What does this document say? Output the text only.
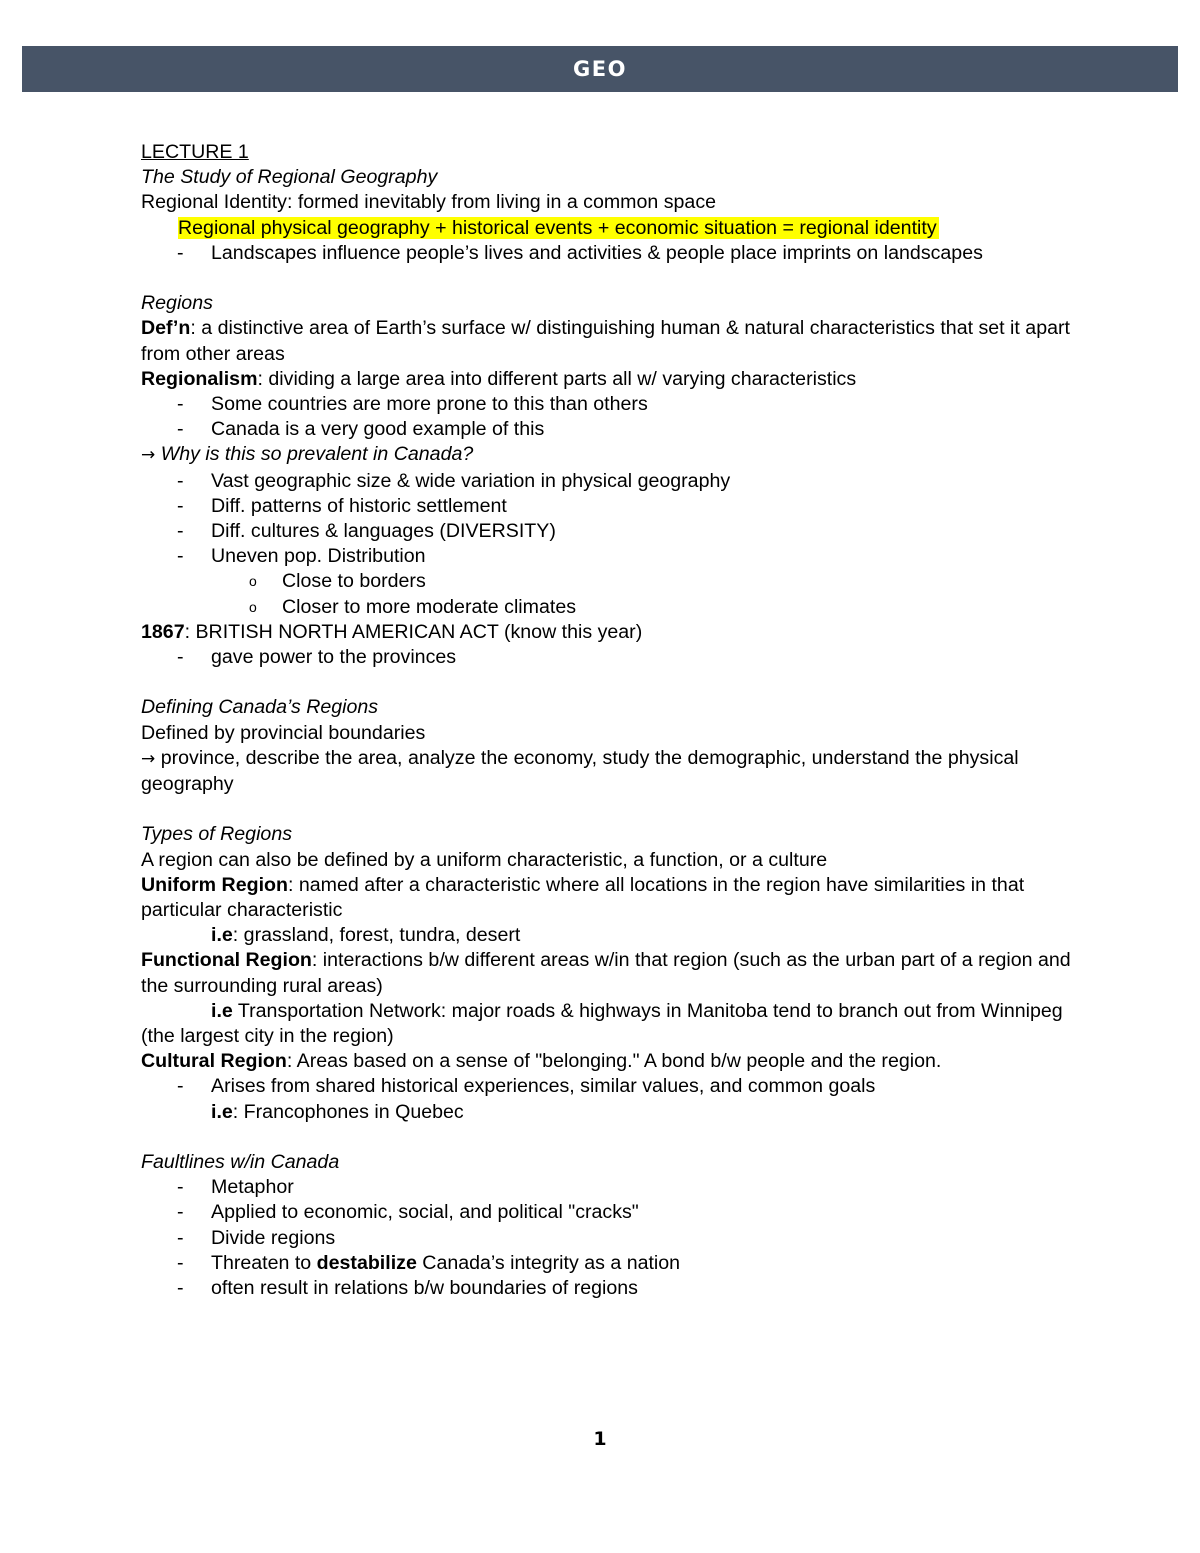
GEO
LECTURE 1
The Study of Regional Geography
Regional Identity: formed inevitably from living in a common space
Regional physical geography + historical events + economic situation = regional identity
-	Landscapes influence people’s lives and activities & people place imprints on landscapes
Regions
Def’n: a distinctive area of Earth’s surface w/ distinguishing human & natural characteristics that set it apart from other areas
Regionalism: dividing a large area into different parts all w/ varying characteristics
-	Some countries are more prone to this than others
-	Canada is a very good example of this
→ Why is this so prevalent in Canada?
-	Vast geographic size & wide variation in physical geography
-	Diff. patterns of historic settlement
-	Diff. cultures & languages (DIVERSITY)
-	Uneven pop. Distribution
o	Close to borders
o	Closer to more moderate climates
1867: BRITISH NORTH AMERICAN ACT (know this year)
-	gave power to the provinces
Defining Canada’s Regions
Defined by provincial boundaries
→ province, describe the area, analyze the economy, study the demographic, understand the physical geography
Types of Regions
A region can also be defined by a uniform characteristic, a function, or a culture
Uniform Region: named after a characteristic where all locations in the region have similarities in that particular characteristic
i.e: grassland, forest, tundra, desert
Functional Region: interactions b/w different areas w/in that region (such as the urban part of a region and the surrounding rural areas)
i.e Transportation Network: major roads & highways in Manitoba tend to branch out from Winnipeg (the largest city in the region)
Cultural Region: Areas based on a sense of "belonging." A bond b/w people and the region.
-	Arises from shared historical experiences, similar values, and common goals
i.e: Francophones in Quebec
Faultlines w/in Canada
-	Metaphor
-	Applied to economic, social, and political "cracks"
-	Divide regions
-	Threaten to destabilize Canada’s integrity as a nation
-	often result in relations b/w boundaries of regions
1
